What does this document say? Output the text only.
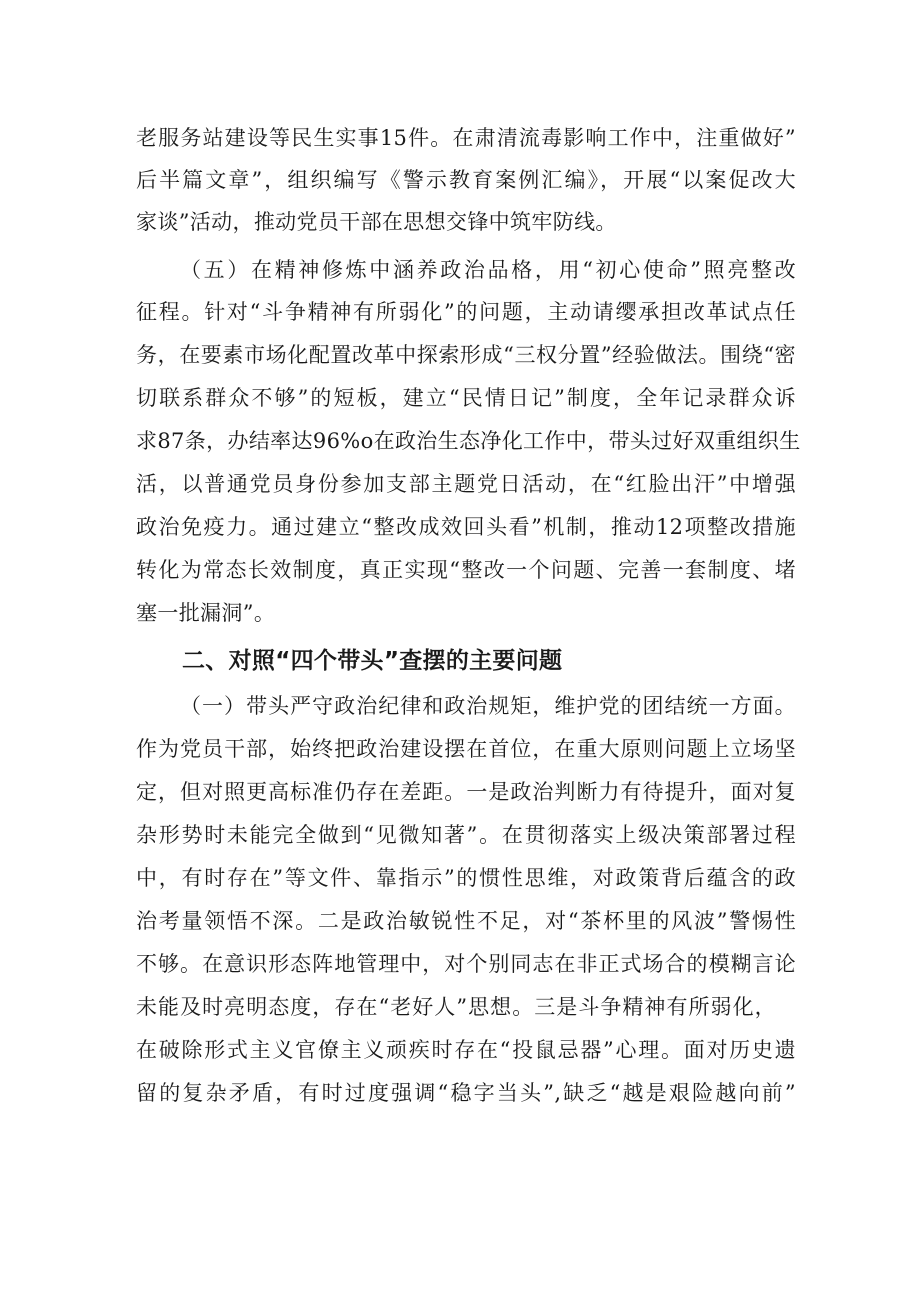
老服务站建设等民生实事15件。在肃清流毒影响工作中，注重做好”
后半篇文章”，组织编写《警示教育案例汇编》，开展“以案促改大
家谈”活动，推动党员干部在思想交锋中筑牢防线。
（五）在精神修炼中涵养政治品格，用“初心使命”照亮整改
征程。针对“斗争精神有所弱化”的问题，主动请缨承担改革试点任
务，在要素市场化配置改革中探索形成“三权分置”经验做法。围绕“密
切联系群众不够”的短板，建立“民情日记”制度，全年记录群众诉
求87条，办结率达96%o在政治生态净化工作中，带头过好双重组织生
活，以普通党员身份参加支部主题党日活动，在“红脸出汗”中增强
政治免疫力。通过建立“整改成效回头看”机制，推动12项整改措施
转化为常态长效制度，真正实现“整改一个问题、完善一套制度、堵
塞一批漏洞”。
二、对照“四个带头”查摆的主要问题
（一）带头严守政治纪律和政治规矩，维护党的团结统一方面。
作为党员干部，始终把政治建设摆在首位，在重大原则问题上立场坚
定，但对照更高标准仍存在差距。一是政治判断力有待提升，面对复
杂形势时未能完全做到“见微知著”。在贯彻落实上级决策部署过程
中，有时存在”等文件、靠指示”的惯性思维，对政策背后蕴含的政
治考量领悟不深。二是政治敏锐性不足，对“茶杯里的风波”警惕性
不够。在意识形态阵地管理中，对个别同志在非正式场合的模糊言论
未能及时亮明态度，存在“老好人”思想。三是斗争精神有所弱化，
在破除形式主义官僚主义顽疾时存在“投鼠忌器”心理。面对历史遗
留的复杂矛盾，有时过度强调“稳字当头”,缺乏“越是艰险越向前”
